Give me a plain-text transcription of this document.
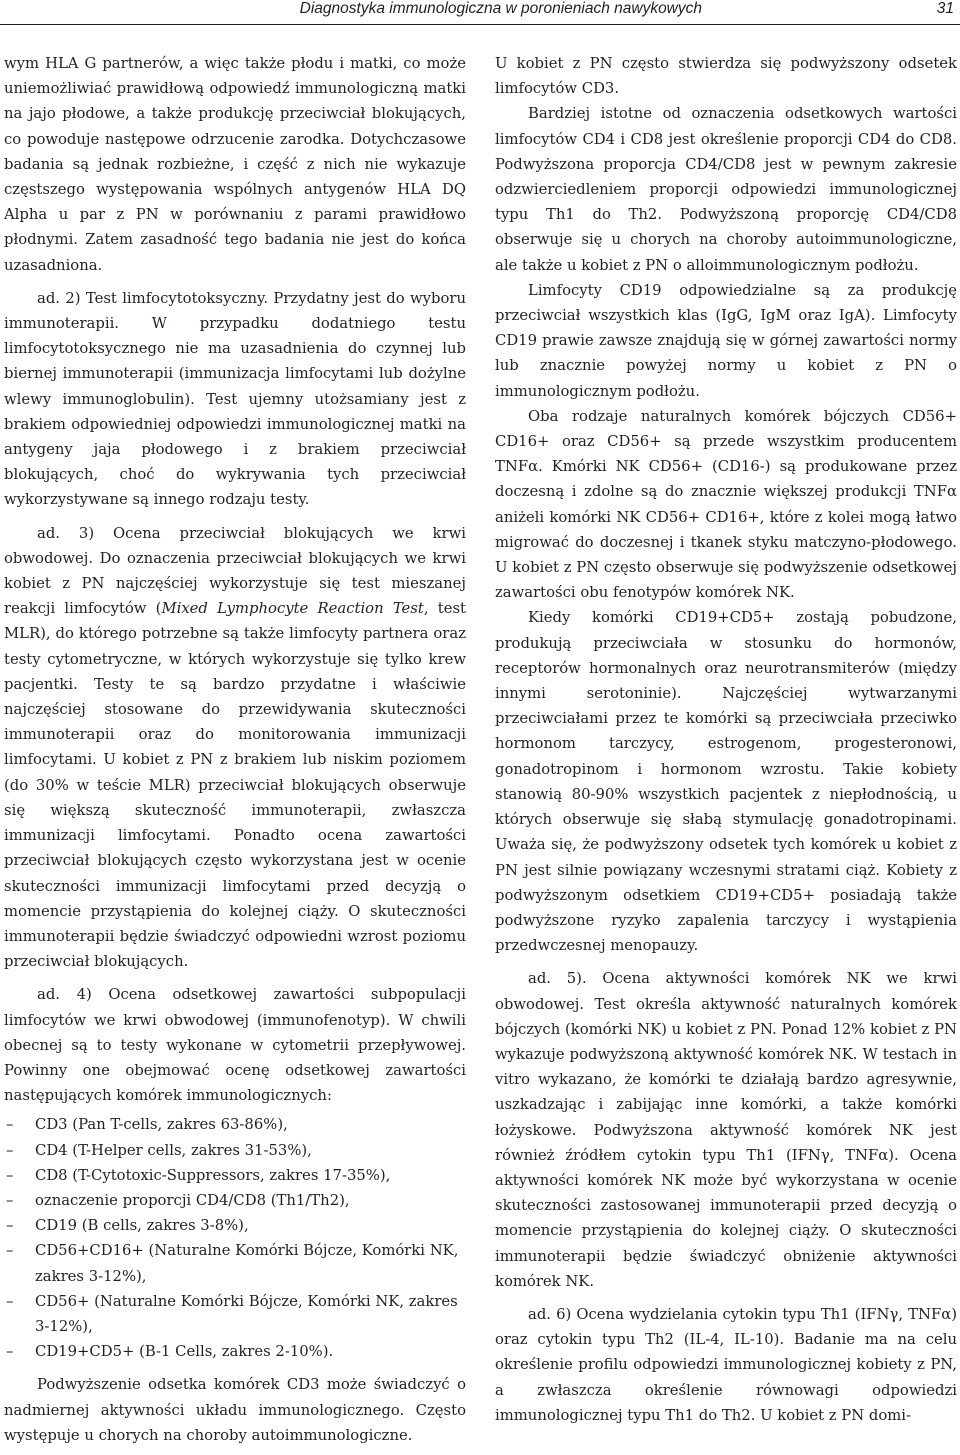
Diagnostyka immunologiczna w poronieniach nawykowych	31

wym HLA G partnerów, a więc także płodu i matki, co może uniemożliwiać prawidłową odpowiedź immunologiczną matki na jajo płodowe, a także produkcję przeciwciał blokujących, co powoduje następowe odrzucenie zarodka. Dotychczasowe badania są jednak rozbieżne, i część z nich nie wykazuje częstszego występowania wspólnych antygenów HLA DQ Alpha u par z PN w porównaniu z parami prawidłowo płodnymi. Zatem zasadność tego badania nie jest do końca uzasadniona.

ad. 2) Test limfocytotoksyczny. Przydatny jest do wyboru immunoterapii. W przypadku dodatniego testu limfocytotoksycznego nie ma uzasadnienia do czynnej lub biernej immunoterapii (immunizacja limfocytami lub dożylne wlewy immunoglobulin). Test ujemny utożsamiany jest z brakiem odpowiedniej odpowiedzi immunologicznej matki na antygeny jaja płodowego i z brakiem przeciwciał blokujących, choć do wykrywania tych przeciwciał wykorzystywane są innego rodzaju testy.

ad. 3) Ocena przeciwciał blokujących we krwi obwodowej. Do oznaczenia przeciwciał blokujących we krwi kobiet z PN najczęściej wykorzystuje się test mieszanej reakcji limfocytów (Mixed Lymphocyte Reaction Test, test MLR), do którego potrzebne są także limfocyty partnera oraz testy cytometryczne, w których wykorzystuje się tylko krew pacjentki. Testy te są bardzo przydatne i właściwie najczęściej stosowane do przewidywania skuteczności immunoterapii oraz do monitorowania immunizacji limfocytami. U kobiet z PN z brakiem lub niskim poziomem (do 30% w teście MLR) przeciwciał blokujących obserwuje się większą skuteczność immunoterapii, zwłaszcza immunizacji limfocytami. Ponadto ocena zawartości przeciwciał blokujących często wykorzystana jest w ocenie skuteczności immunizacji limfocytami przed decyzją o momencie przystąpienia do kolejnej ciąży. O skuteczności immunoterapii będzie świadczyć odpowiedni wzrost poziomu przeciwciał blokujących.

ad. 4) Ocena odsetkowej zawartości subpopulacji limfocytów we krwi obwodowej (immunofenotyp). W chwili obecnej są to testy wykonane w cytometrii przepływowej. Powinny one obejmować ocenę odsetkowej zawartości następujących komórek immunologicznych:

– CD3 (Pan T-cells, zakres 63-86%),
– CD4 (T-Helper cells, zakres 31-53%),
– CD8 (T-Cytotoxic-Suppressors, zakres 17-35%),
– oznaczenie proporcji CD4/CD8 (Th1/Th2),
– CD19 (B cells, zakres 3-8%),
– CD56+CD16+ (Naturalne Komórki Bójcze, Komórki NK, zakres 3-12%),
– CD56+ (Naturalne Komórki Bójcze, Komórki NK, zakres 3-12%),
– CD19+CD5+ (B-1 Cells, zakres 2-10%).

Podwyższenie odsetka komórek CD3 może świadczyć o nadmiernej aktywności układu immunologicznego. Często występuje u chorych na choroby autoimmunologiczne.

U kobiet z PN często stwierdza się podwyższony odsetek limfocytów CD3.

Bardziej istotne od oznaczenia odsetkowych wartości limfocytów CD4 i CD8 jest określenie proporcji CD4 do CD8. Podwyższona proporcja CD4/CD8 jest w pewnym zakresie odzwierciedleniem proporcji odpowiedzi immunologicznej typu Th1 do Th2. Podwyższoną proporcję CD4/CD8 obserwuje się u chorych na choroby autoimmunologiczne, ale także u kobiet z PN o alloimmunologicznym podłożu.

Limfocyty CD19 odpowiedzialne są za produkcję przeciwciał wszystkich klas (IgG, IgM oraz IgA). Limfocyty CD19 prawie zawsze znajdują się w górnej zawartości normy lub znacznie powyżej normy u kobiet z PN o immunologicznym podłożu.

Oba rodzaje naturalnych komórek bójczych CD56+ CD16+ oraz CD56+ są przede wszystkim producentem TNFα. Kmórki NK CD56+ (CD16-) są produkowane przez doczesną i zdolne są do znacznie większej produkcji TNFα aniżeli komórki NK CD56+ CD16+, które z kolei mogą łatwo migrować do doczesnej i tkanek styku matczyno-płodowego. U kobiet z PN często obserwuje się podwyższenie odsetkowej zawartości obu fenotypów komórek NK.

Kiedy komórki CD19+CD5+ zostają pobudzone, produkują przeciwciała w stosunku do hormonów, receptorów hormonalnych oraz neurotransmiterów (między innymi serotoninie). Najczęściej wytwarzanymi przeciwciałami przez te komórki są przeciwciała przeciwko hormonom tarczycy, estrogenom, progesteronowi, gonadotropinom i hormonom wzrostu. Takie kobiety stanowią 80-90% wszystkich pacjentek z niepłodnością, u których obserwuje się słabą stymulację gonadotropinami. Uważa się, że podwyższony odsetek tych komórek u kobiet z PN jest silnie powiązany wczesnymi stratami ciąż. Kobiety z podwyższonym odsetkiem CD19+CD5+ posiadają także podwyższone ryzyko zapalenia tarczycy i wystąpienia przedwczesnej menopauzy.

ad. 5). Ocena aktywności komórek NK we krwi obwodowej. Test określa aktywność naturalnych komórek bójczych (komórki NK) u kobiet z PN. Ponad 12% kobiet z PN wykazuje podwyższoną aktywność komórek NK. W testach in vitro wykazano, że komórki te działają bardzo agresywnie, uszkadzając i zabijając inne komórki, a także komórki łożyskowe. Podwyższona aktywność komórek NK jest również źródłem cytokin typu Th1 (IFNγ, TNFα). Ocena aktywności komórek NK może być wykorzystana w ocenie skuteczności zastosowanej immunoterapii przed decyzją o momencie przystąpienia do kolejnej ciąży. O skuteczności immunoterapii będzie świadczyć obniżenie aktywności komórek NK.

ad. 6) Ocena wydzielania cytokin typu Th1 (IFNγ, TNFα) oraz cytokin typu Th2 (IL-4, IL-10). Badanie ma na celu określenie profilu odpowiedzi immunologicznej kobiety z PN, a zwłaszcza określenie równowagi odpowiedzi immunologicznej typu Th1 do Th2. U kobiet z PN domi-
